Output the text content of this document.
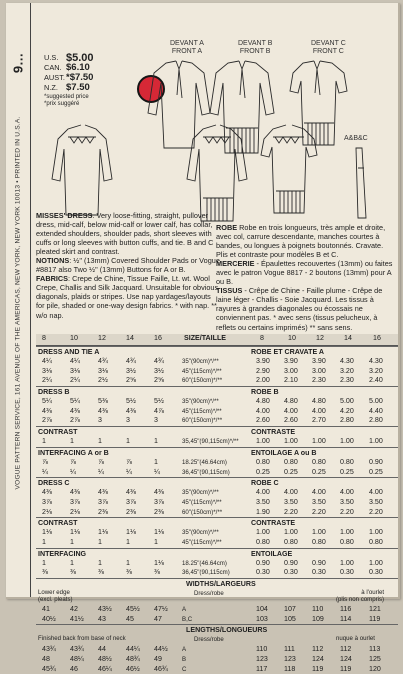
9…
VOGUE PATTERN SERVICE, 161 AVENUE OF THE AMERICAS, NEW YORK, NEW YORK 10013 • PRINTED IN U.S.A.
U.S. $5.00
CAN. $6.10
AUST. *$7.50
N.Z. $7.50
*suggested price
*prix suggéré
DEVANT A
FRONT A
DEVANT B
FRONT B
DEVANT C
FRONT C
A&B&C
MISSES' DRESS. Very loose-fitting, straight, pullover dress, mid-calf, below mid-calf or lower calf, has collar, extended shoulders, shoulder pads, short sleeves with cuffs or long sleeves with button cuffs, and tie. B and C pleated skirt and contrast.
NOTIONS: ½" (13mm) Covered Shoulder Pads or Vogue #8817 also Two ½" (13mm) Buttons for A or B.
FABRICS: Crepe de Chine, Tissue Faille, Lt. wt. Wool Crepe, Challis and Silk Jacquard. Unsuitable for obvious diagonals, plaids or stripes. Use nap yardages/layouts for pile, shaded or one-way design fabrics. * with nap. ** w/o nap.
ROBE Robe en trois longueurs, très ample et droite, avec col, carrure descendante, manches courtes à bandes, ou longues à poignets boutonnés. Cravate. Plis et contraste pour modèles B et C.
MERCERIE - Épaulettes recouvertes (13mm) ou faites avec le patron Vogue 8817 - 2 boutons (13mm) pour A ou B.
TISSUS - Crêpe de Chine - Faille plume - Crêpe de laine léger - Challis - Soie Jacquard. Les tissus à rayures à grandes diagonales ou écossais ne conviennent pas. * avec sens (tissus pelucheux, à reflets ou certains imprimés) ** sans sens.
8	10	12	14	16	SIZE/TAILLE	8	10	12	14	16
DRESS AND TIE A	ROBE ET CRAVATE A
4¼	4¼	4¾	4¾	4¾	35"(90cm)*/**	3.90 3.90 3.90 4.30 4.30
3⅛	3⅛	3⅛	3½	3½	45"(115cm)*/**	2.90 3.00 3.00 3.20 3.20
2¼	2¼	2½	2⅝	2⅝	60"(150cm)*/**	2.00 2.10 2.30 2.30 2.40
DRESS B	ROBE B
5¼	5¼	5⅜	5½	5½	35"(90cm)*/**	4.80 4.80 4.80 5.00 5.00
4⅜	4⅜	4⅜	4⅜	4⅞	45"(115cm)*/**	4.00 4.00 4.00 4.20 4.40
2⅞	2⅞	3	3	3	60"(150cm)*/**	2.60 2.60 2.70 2.80 2.80
CONTRAST	CONTRASTE
1	1	1	1	1	35,45"(90,115cm)*/** 1.00 1.00 1.00 1.00 1.00
INTERFACING A or B	ENTOILAGE A ou B
⅞	⅞	⅞	⅞	1	18.25"(46.64cm)	0.80 0.80 0.80 0.80 0.90
¼	¼	¼	¼	¼	36,45"(90,115cm)	0.25 0.25 0.25 0.25 0.25
DRESS C	ROBE C
4⅜	4⅜	4⅜	4⅜	4⅜	35"(90cm)*/**	4.00 4.00 4.00 4.00 4.00
3⅞	3⅞	3⅞	3⅞	3⅞	45"(115cm)*/**	3.50 3.50 3.50 3.50 3.50
2⅛	2⅛	2⅜	2⅜	2⅜	60"(150cm)*/**	1.90 2.20 2.20 2.20 2.20
CONTRAST	CONTRASTE
1⅛	1⅛	1⅛	1⅛	1⅛	35"(90cm)*/**	1.00 1.00 1.00 1.00 1.00
1	1	1	1	1	45"(115cm)*/**	0.80 0.80 0.80 0.80 0.80
INTERFACING	ENTOILAGE
1	1	1	1	1⅛	18.25"(46.64cm)	0.90 0.90 0.90 1.00 1.00
⅜	⅜	⅜	⅜	⅜	36,45"(90,115cm)	0.30 0.30 0.30 0.30 0.30
WIDTHS/LARGEURS
Lower edge
(excl. pleats)
Dress/robe	à l'ourlet
(plis non compris)
41	42	43½ 45½ 47½ A	104 107 110 116 121
40½ 41½ 43	45	47	B,C	103 105 109 114 119
LENGTHS/LONGUEURS
Finished back from base of neck	Dress/robe	nuque à ourlet
43¾ 43¾ 44	44¼ 44½ A	110 111 112 112 113
48	48¼ 48½ 48¾ 49	B	123 123 124 124 125
45¾ 46	46¼ 46½ 46¾ C	117 118 119 119 120
